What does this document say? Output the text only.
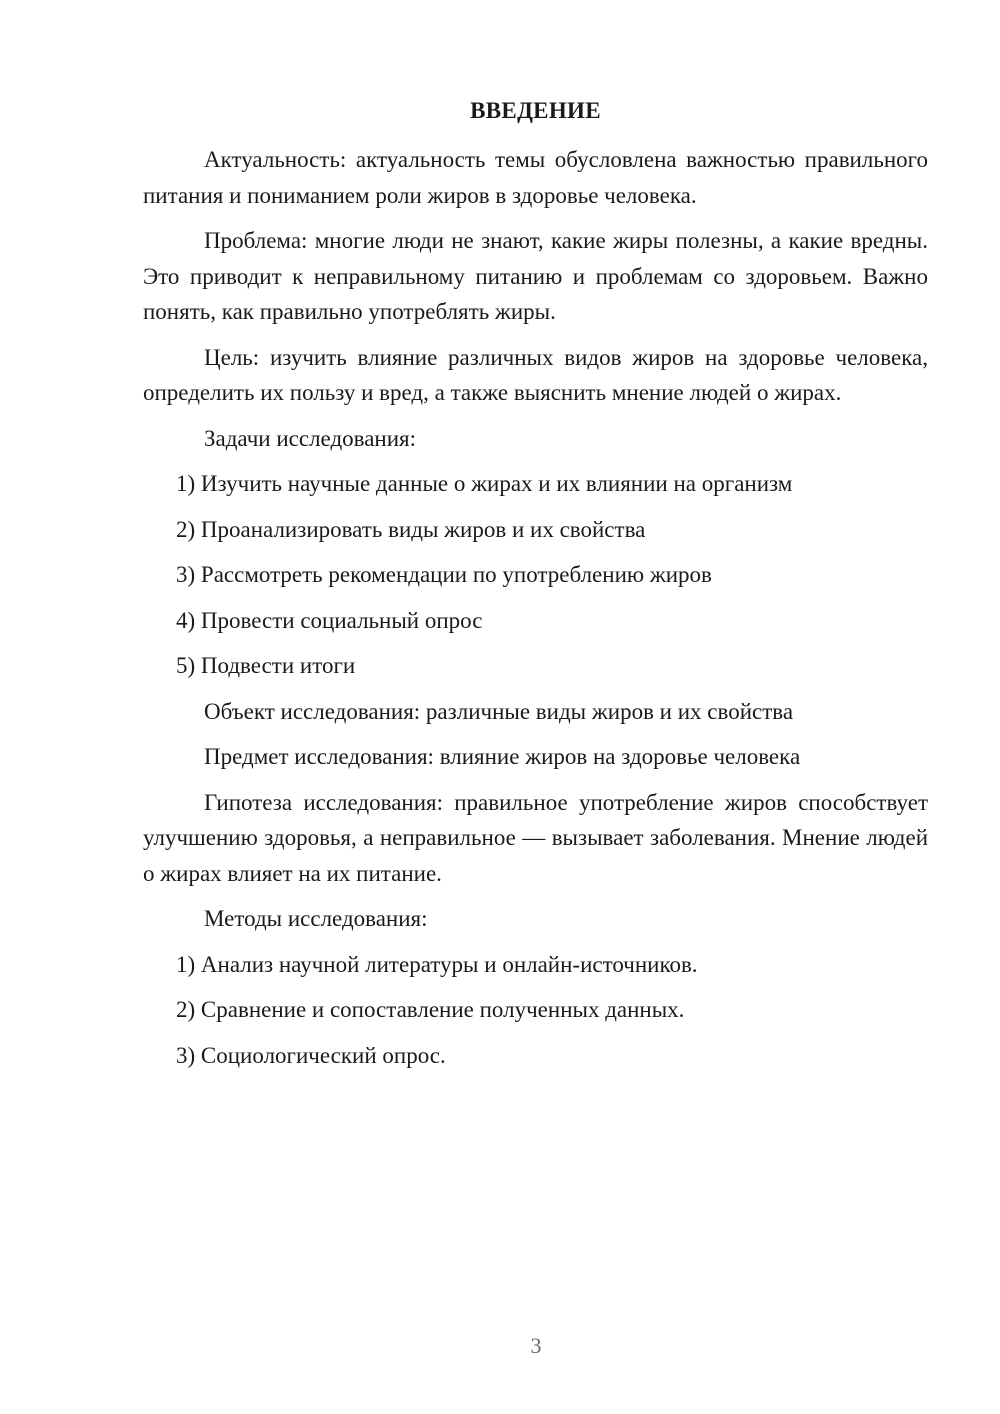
ВВЕДЕНИЕ

Актуальность: актуальность темы обусловлена важностью правильного питания и пониманием роли жиров в здоровье человека.

Проблема: многие люди не знают, какие жиры полезны, а какие вредны. Это приводит к неправильному питанию и проблемам со здоровьем. Важно понять, как правильно употреблять жиры.

Цель: изучить влияние различных видов жиров на здоровье человека, определить их пользу и вред, а также выяснить мнение людей о жирах.

Задачи исследования:

1) Изучить научные данные о жирах и их влиянии на организм

2) Проанализировать виды жиров и их свойства

3) Рассмотреть рекомендации по употреблению жиров

4) Провести социальный опрос

5) Подвести итоги

Объект исследования: различные виды жиров и их свойства

Предмет исследования: влияние жиров на здоровье человека

Гипотеза исследования: правильное употребление жиров способствует улучшению здоровья, а неправильное — вызывает заболевания. Мнение людей о жирах влияет на их питание.

Методы исследования:

1) Анализ научной литературы и онлайн-источников.

2) Сравнение и сопоставление полученных данных.

3) Социологический опрос.

3
